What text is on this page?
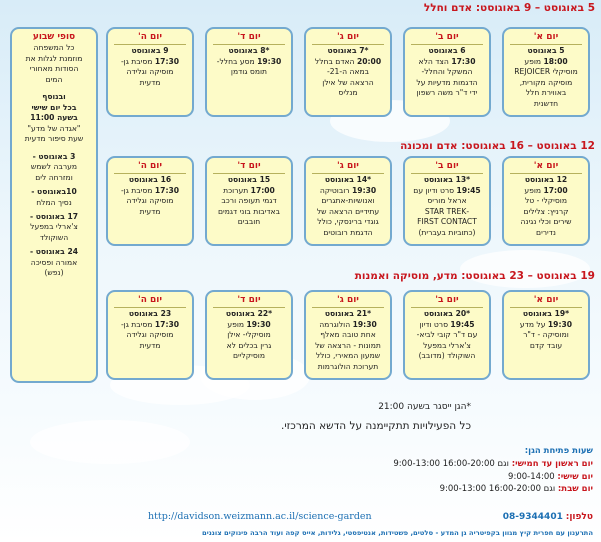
5 באוגוסט – 9 באוגוסט: אדם וחלל
יום א'
5 באוגוסט
18:00 מופע
מוסיקלי REJOICER
מוסיקה מקורית,
באווירת חלל
חדשנית
יום ב'
6 באוגוסט
17:30 הצד הלא
המשקל והחלל-
הדגמות מדעיות על
ידי ד"ר משה רשפון
יום ג'
*7 באוגוסט
20:00 האדם בחלל
במאה ה-21-
הרצאה של אילן
מנליס
יום ד'
*8 באוגוסט
19:30 מסע בחלל-
תומס גודמן
יום ה'
9 באוגוסט
17:30 מסיבת גן-
מוסיקה וגלידה
מדעית
12 באוגוסט – 16 באוגוסט: אדם ומכונה
יום א'
12 באוגוסט
17:00 מופע
מוסיקלי - טל
קרניץ: צלילים
שירים וכלי נגינה
נדירים
יום ב'
*13 באוגוסט
19:45 סרט ודיון עם
אראל מוריס
-STAR TREK
FIRST CONTACT
(כתוביות בעברית)
יום ג'
*14 באוגוסט
19:30 רובוטיקה
ואנושיות-אתגרים
עתידיים הרצאה של
גוגדי ברינסקי, כולל
הדגמת רובוטים
יום ד'
15 באוגוסט
17:00 תערוכת
דגמי תעופה ורכב
באדיבות בוני דגמים
חובבים
יום ה'
16 באוגוסט
17:30 מסיבת גן-
מוסיקה וגלידה
מדעית
19 באוגוסט – 23 באוגוסט: מדע, מוסיקה ואמנות
יום א'
*19 באוגוסט
19:30 על מדע
ומוסיקה - ד"ר
עובד קדם
יום ב'
*20 באוגוסט
19:45 סרט ודיון
עם ד"ר קובי לביא-
צ'ארלי במפעל
השוקולד (מדובב)
יום ג'
*21 באוגוסט
19:30 הולוגרמה
אחת טובה מאלף
תמונות - הרצאה של
שמעון המאירי, כולל
תערוכת הולוגרמות
יום ד'
*22 באוגוסט
19:30 מופע
מוסיקלי- אילן
גרין בכלים לא
מוסיקליים
יום ה'
23 באוגוסט
17:30 מסיבת גן-
מוסיקה וגלידה
מדעית
סופי שבוע
כל המשפחה
מוזמנת לגלות את
הסודות מאחורי
המים
ובנוסף
בכל יום שישי
בשעה 11:00
"אגדה של מדע"
שעת סיפור מדעית
3 באוגוסט -
מערבה לשמש
ומזרחה לים
10באוגוסט -
נסיך המלח
17 באוגוסט -
צ'ארלי במפעל
השוקולד
24 באוגוסט -
אמורה ופסיכה
(נפש)
*הגן ייסגר בשעה 21:00
כל הפעילויות תתקיימנה על הדשא המרכזי.
שעות פתיחת הגן:
יום ראשון עד חמישי: 9:00-13:00 וגם 16:00-20:00
יום שישי: 9:00-14:00
יום שבת: 9:00-13:00 וגם 16:00-20:00
טלפון: 08-9344401
http://davidson.weizmann.ac.il/science-garden
התרענון עם חפרית קיץ מגוון בקפיטריה גן המדע - סלטים, פשטידות, אנטיפסטי, גלידות, אייס קפה ועוד הרבה פינוקים צוננים
